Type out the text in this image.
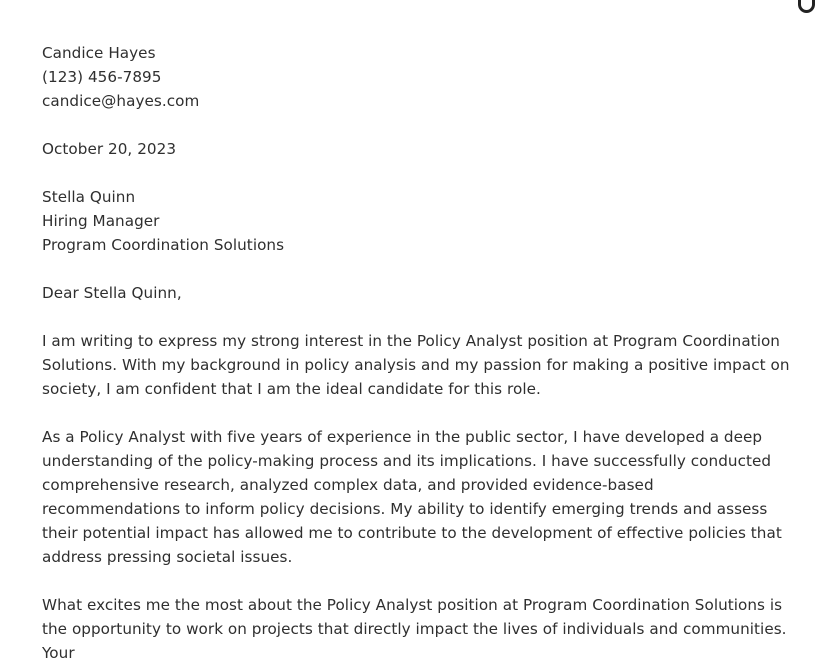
Candice Hayes
(123) 456-7895
candice@hayes.com
October 20, 2023
Stella Quinn
Hiring Manager
Program Coordination Solutions
Dear Stella Quinn,
I am writing to express my strong interest in the Policy Analyst position at Program Coordination Solutions. With my background in policy analysis and my passion for making a positive impact on society, I am confident that I am the ideal candidate for this role.
As a Policy Analyst with five years of experience in the public sector, I have developed a deep understanding of the policy-making process and its implications. I have successfully conducted comprehensive research, analyzed complex data, and provided evidence-based recommendations to inform policy decisions. My ability to identify emerging trends and assess their potential impact has allowed me to contribute to the development of effective policies that address pressing societal issues.
What excites me the most about the Policy Analyst position at Program Coordination Solutions is the opportunity to work on projects that directly impact the lives of individuals and communities. Your
